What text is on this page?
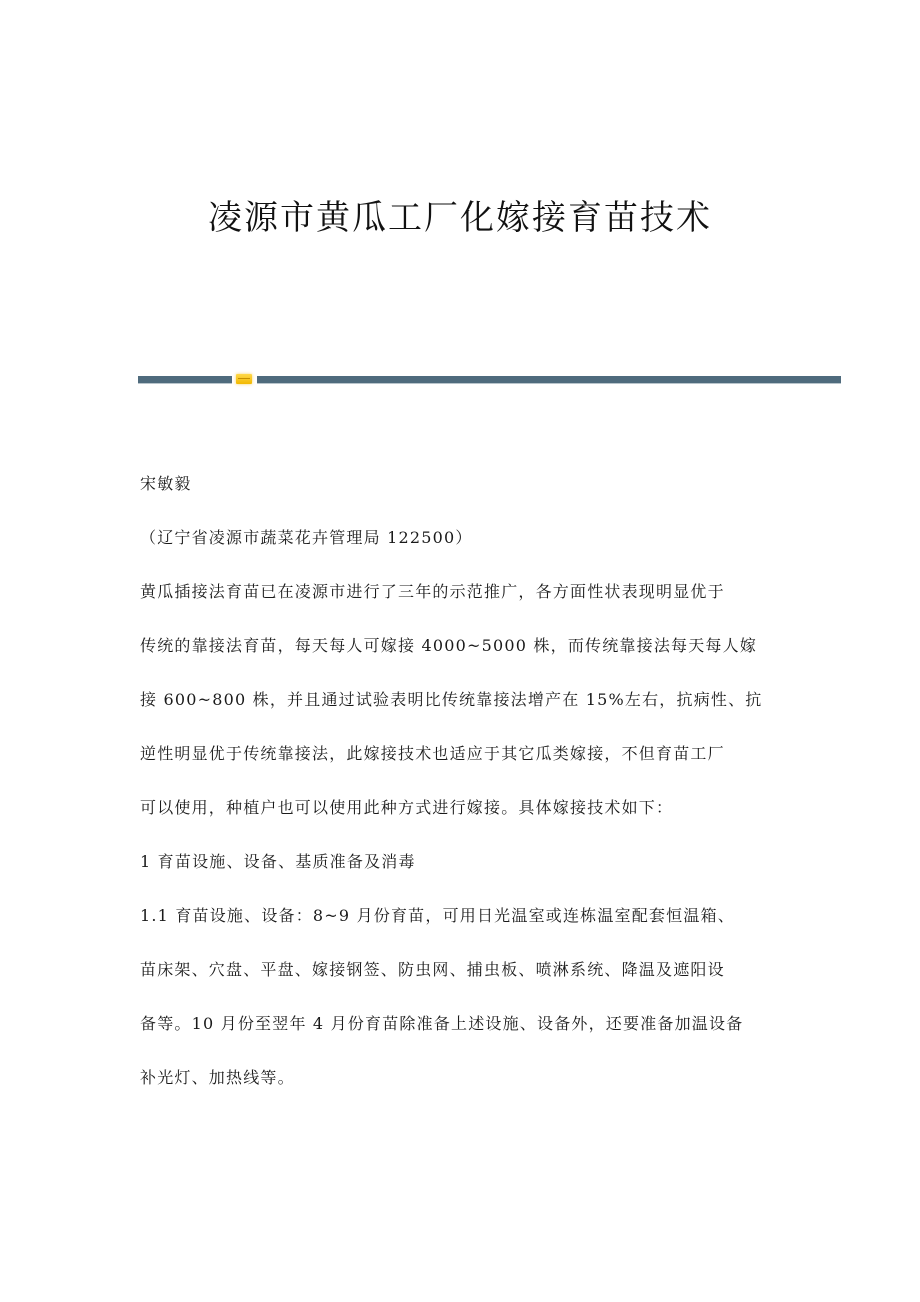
凌源市黄瓜工厂化嫁接育苗技术
宋敏毅
（辽宁省凌源市蔬菜花卉管理局 122500）
黄瓜插接法育苗已在凌源市进行了三年的示范推广，各方面性状表现明显优于
传统的靠接法育苗，每天每人可嫁接 4000~5000 株，而传统靠接法每天每人嫁
接 600~800 株，并且通过试验表明比传统靠接法增产在 15%左右，抗病性、抗
逆性明显优于传统靠接法，此嫁接技术也适应于其它瓜类嫁接，不但育苗工厂
可以使用，种植户也可以使用此种方式进行嫁接。具体嫁接技术如下：
1 育苗设施、设备、基质准备及消毒
1.1 育苗设施、设备：8~9 月份育苗，可用日光温室或连栋温室配套恒温箱、
苗床架、穴盘、平盘、嫁接钢签、防虫网、捕虫板、喷淋系统、降温及遮阳设
备等。10 月份至翌年 4 月份育苗除准备上述设施、设备外，还要准备加温设备
补光灯、加热线等。
